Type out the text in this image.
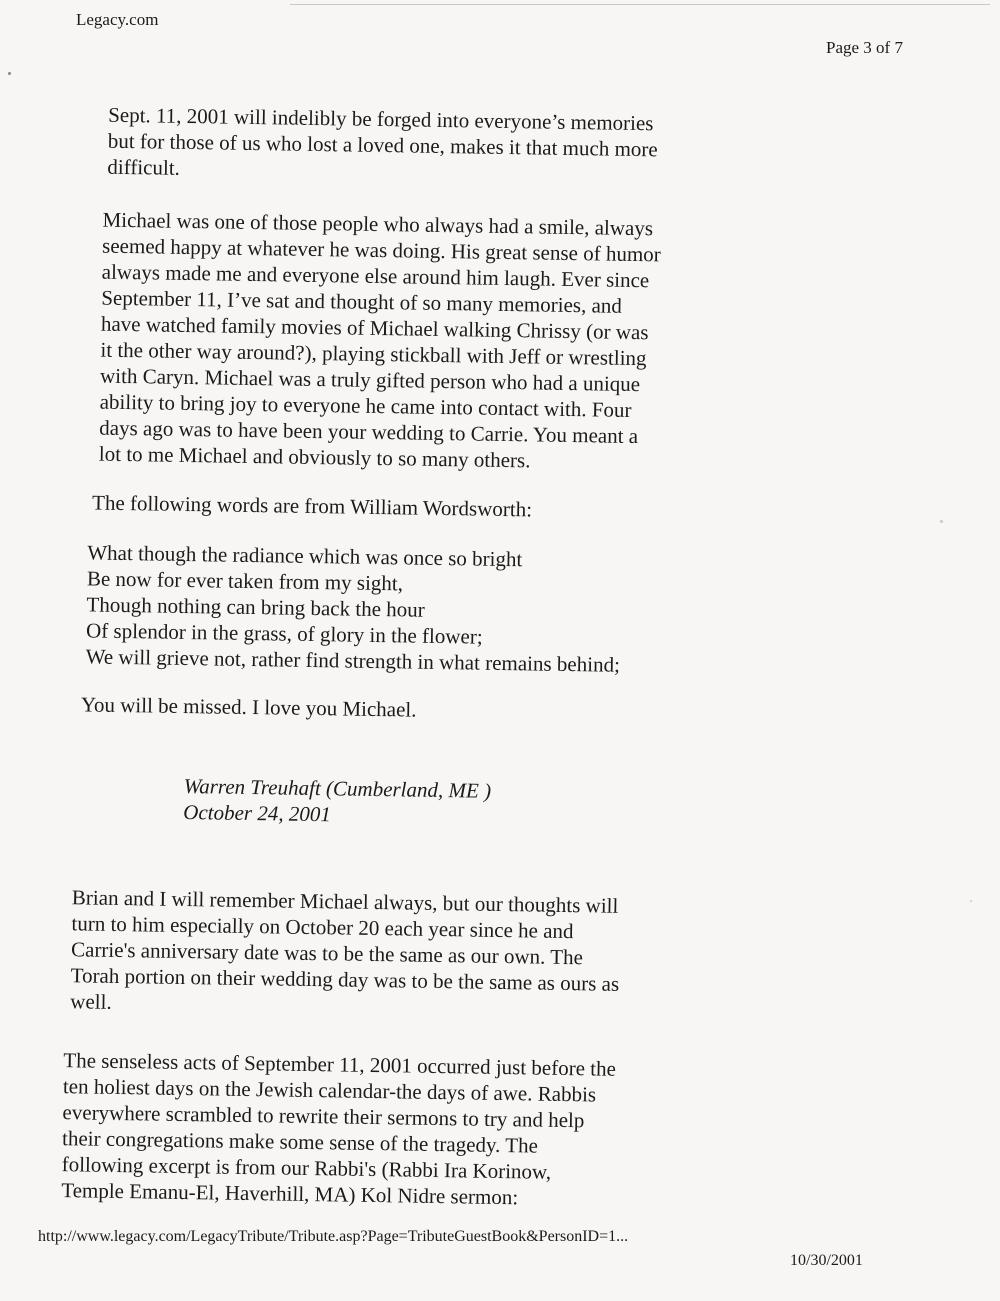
Legacy.com
Page 3 of 7

Sept. 11, 2001 will indelibly be forged into everyone’s memories
but for those of us who lost a loved one, makes it that much more
difficult.

Michael was one of those people who always had a smile, always
seemed happy at whatever he was doing. His great sense of humor
always made me and everyone else around him laugh. Ever since
September 11, I’ve sat and thought of so many memories, and
have watched family movies of Michael walking Chrissy (or was
it the other way around?), playing stickball with Jeff or wrestling
with Caryn. Michael was a truly gifted person who had a unique
ability to bring joy to everyone he came into contact with. Four
days ago was to have been your wedding to Carrie. You meant a
lot to me Michael and obviously to so many others.

The following words are from William Wordsworth:

What though the radiance which was once so bright
Be now for ever taken from my sight,
Though nothing can bring back the hour
Of splendor in the grass, of glory in the flower;
We will grieve not, rather find strength in what remains behind;

You will be missed. I love you Michael.

Warren Treuhaft (Cumberland, ME )
October 24, 2001

Brian and I will remember Michael always, but our thoughts will
turn to him especially on October 20 each year since he and
Carrie's anniversary date was to be the same as our own. The
Torah portion on their wedding day was to be the same as ours as
well.

The senseless acts of September 11, 2001 occurred just before the
ten holiest days on the Jewish calendar-the days of awe. Rabbis
everywhere scrambled to rewrite their sermons to try and help
their congregations make some sense of the tragedy. The
following excerpt is from our Rabbi's (Rabbi Ira Korinow,
Temple Emanu-El, Haverhill, MA) Kol Nidre sermon:

http://www.legacy.com/LegacyTribute/Tribute.asp?Page=TributeGuestBook&PersonID=1...
10/30/2001
